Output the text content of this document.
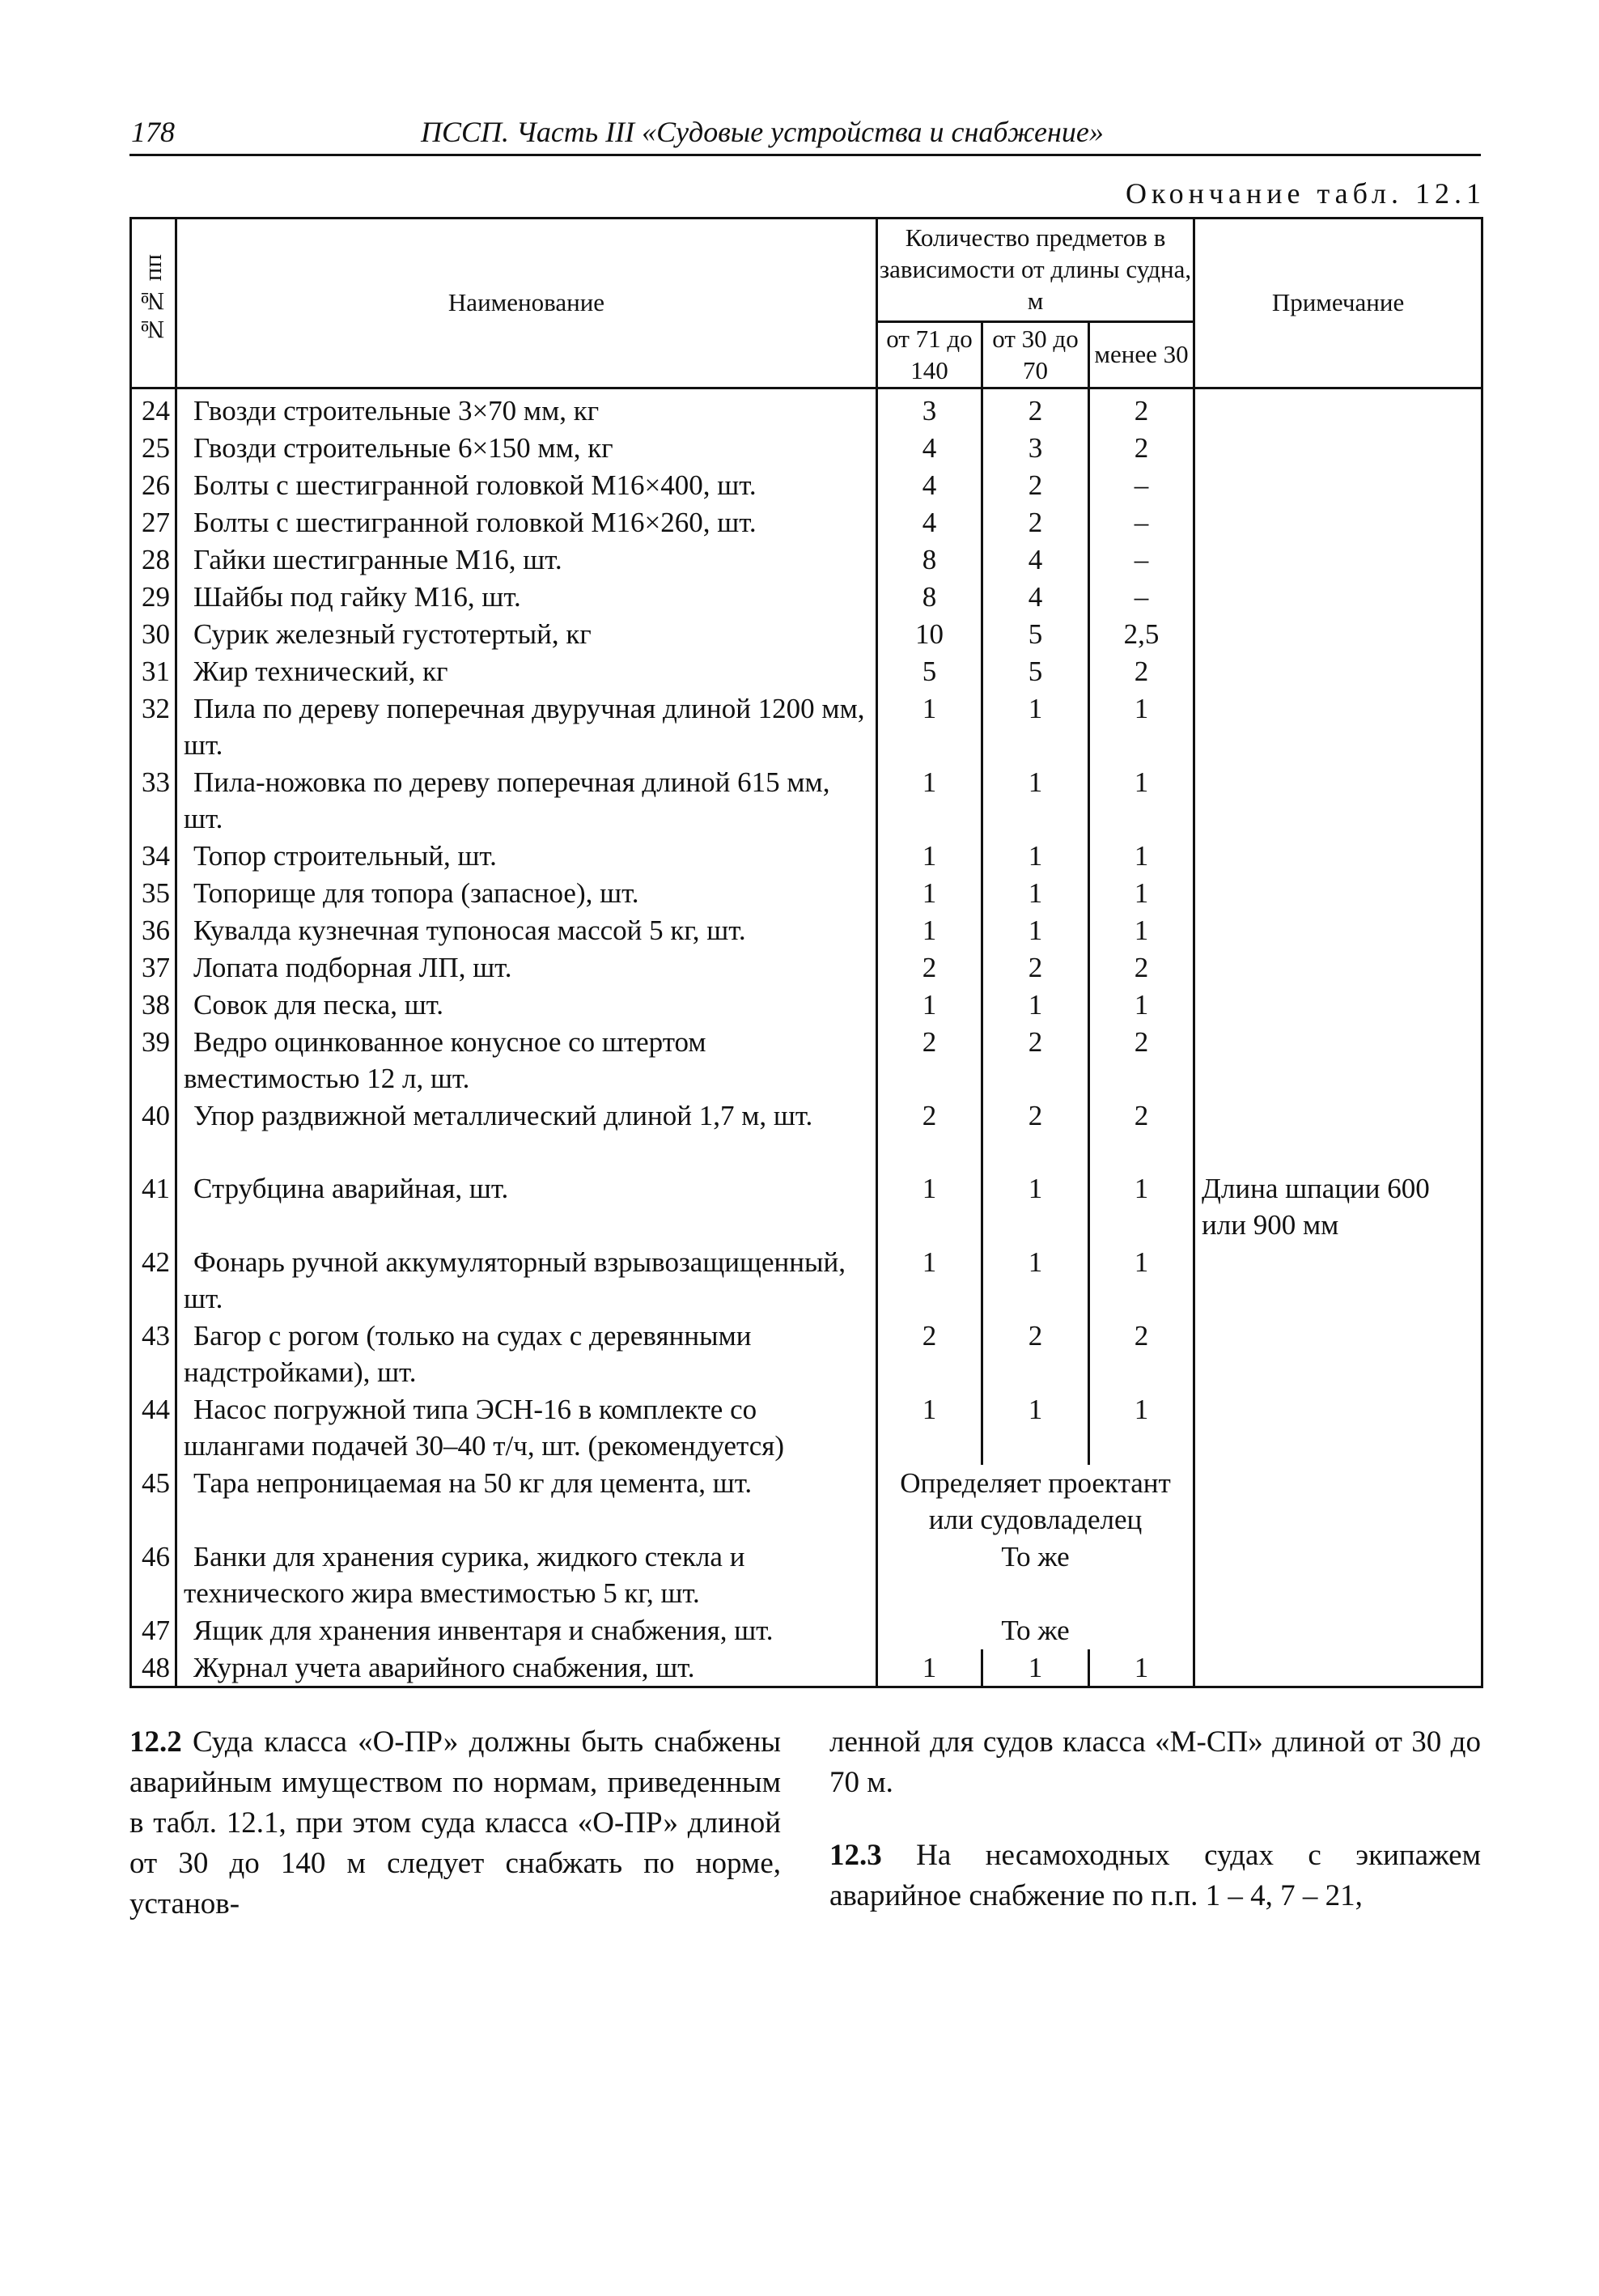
178	ПССП. Часть III «Судовые устройства и снабжение»
Окончание табл. 12.1
№№ пп	Наименование	Количество предметов в зависимости от длины судна, м			Примечание
		от 71 до 140	от 30 до 70	менее 30	
24	Гвозди строительные 3×70 мм, кг	3	2	2	
25	Гвозди строительные 6×150 мм, кг	4	3	2	
26	Болты с шестигранной головкой М16×400, шт.	4	2	–	
27	Болты с шестигранной головкой М16×260, шт.	4	2	–	
28	Гайки шестигранные М16, шт.	8	4	–	
29	Шайбы под гайку М16, шт.	8	4	–	
30	Сурик железный густотертый, кг	10	5	2,5	
31	Жир технический, кг	5	5	2	
32	Пила по дереву поперечная двуручная длиной 1200 мм, шт.	1	1	1	
33	Пила-ножовка по дереву поперечная длиной 615 мм, шт.	1	1	1	
34	Топор строительный, шт.	1	1	1	
35	Топорище для топора (запасное), шт.	1	1	1	
36	Кувалда кузнечная тупоносая массой 5 кг, шт.	1	1	1	
37	Лопата подборная ЛП, шт.	2	2	2	
38	Совок для песка, шт.	1	1	1	
39	Ведро оцинкованное конусное со штертом вместимостью 12 л, шт.	2	2	2	
40	Упор раздвижной металлический длиной 1,7 м, шт.	2	2	2	
41	Струбцина аварийная, шт.	1	1	1	Длина шпации 600 или 900 мм
42	Фонарь ручной аккумуляторный взрывозащищенный, шт.	1	1	1	
43	Багор с рогом (только на судах с деревянными надстройками), шт.	2	2	2	
44	Насос погружной типа ЭСН-16 в комплекте со шлангами подачей 30–40 т/ч, шт. (рекомендуется)	1	1	1	
45	Тара непроницаемая на 50 кг для цемента, шт.	Определяет проектант или судовладелец			
46	Банки для хранения сурика, жидкого стекла и технического жира вместимостью 5 кг, шт.	То же			
47	Ящик для хранения инвентаря и снабжения, шт.	То же			
48	Журнал учета аварийного снабжения, шт.	1	1	1	
12.2 Суда класса «О-ПР» должны быть снабжены аварийным имуществом по нормам, приведенным в табл. 12.1, при этом суда класса «О-ПР» длиной от 30 до 140 м следует снабжать по норме, установ-
ленной для судов класса «М-СП» длиной от 30 до 70 м.
12.3 На несамоходных судах с экипажем аварийное снабжение по п.п. 1 – 4, 7 – 21,
